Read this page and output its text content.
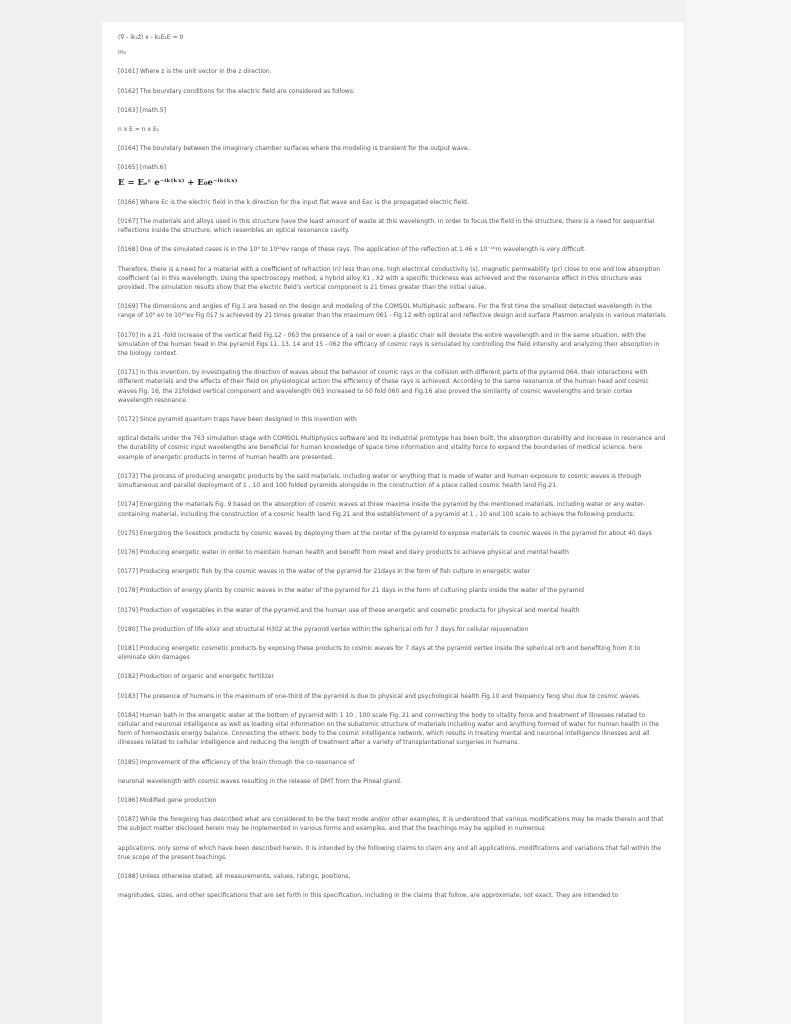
(∇ - ik₂ẑ) x - k₂E₂E = 0

m₀

[0161] Where z is the unit vector in the z direction.

[0162] The boundary conditions for the electric field are considered as follows:

[0163] [math.5]

n x E = n x E₀

[0164] The boundary between the imaginary chamber surfaces where the modeling is transient for the output wave.

[0165] [math.6]

E = Eₑᶜ e⁻ⁱᵏ⁽ᵏˣ⁾ + E₀e⁻ⁱᵏ⁽ᵏˣ⁾

[0166] Where Ec is the electric field in the k direction for the input flat wave and Eec is the propagated electric field.

[0167] The materials and alloys used in this structure have the least amount of waste at this wavelength. In order to focus the field in the structure, there is a need for sequential reflections inside the structure, which resembles an optical resonance cavity.

[0168] One of the simulated cases is in the 10⁹ to 10²⁴ev range of these rays. The application of the reflection at 1.46 x 10⁻¹⁶m wavelength is very difficult.

Therefore, there is a need for a material with a coefficient of refraction (n) less than one, high electrical conductivity (s), magnetic permeability (pr) close to one and low absorption coefficient (a) in this wavelength. Using the spectroscopy method, a hybrid alloy X1 , X2 with a specific thickness was achieved and the resonance effect in this structure was provided. The simulation results show that the electric field's vertical component is 21 times greater than the initial value.

[0169] The dimensions and angles of Fig.1 are based on the design and modeling of the COMSOL Multiphasic software. For the first time the smallest detected wavelength in the range of 10⁹ ev to 10²⁰ev Fig 017 is achieved by 21 times greater than the maximum 061 - Fig 12 with optical and reflective design and surface Plasmon analysis in various materials.

[0170] In a 21 -fold increase of the vertical field Fig.12 - 063 the presence of a nail or even a plastic chair will deviate the entire wavelength and in the same situation, with the simulation of the human head in the pyramid Figs 11, 13, 14 and 15 - 062 the efficacy of cosmic rays is simulated by controlling the field intensity and analyzing their absorption in the biology context.

[0171] In this invention, by investigating the direction of waves about the behavior of cosmic rays in the collision with different parts of the pyramid 064, their interactions with different materials and the effects of their field on physiological action the efficiency of these rays is achieved. According to the same resonance of the human head and cosmic waves Fig. 16, the 21folded vertical component and wavelength 063 increased to 50 fold 060 and Fig.16 also proved the similarity of cosmic wavelengths and brain cortex wavelength resonance.

[0172] Since pyramid quantum traps have been designed in this invention with

optical details under the 763 simulation stage with COMSOL Multiphysics software and its industrial prototype has been built, the absorption durability and increase in resonance and the durability of cosmic input wavelengths are beneficial for human knowledge of space time information and vitality force to expand the boundaries of medical science. here example of energetic products in terms of human health are presented.

[0173] The process of producing energetic products by the said materials, including water or anything that is made of water and human exposure to cosmic waves is through simultaneous and parallel deployment of 1 , 10 and 100 folded pyramids alongside in the construction of a place called cosmic health land Fig.21.

[0174] Energizing the materials Fig. 9 based on the absorption of cosmic waves at three maxima inside the pyramid by the mentioned materials, including water or any water-containing material, including the construction of a cosmic health land Fig.21 and the establishment of a pyramid at 1 , 10 and 100 scale to achieve the following products;

[0175] Energizing the livestock products by cosmic waves by deploying them at the center of the pyramid to expose materials to cosmic waves in the pyramid for about 40 days

[0176] Producing energetic water in order to maintain human health and benefit from meat and dairy products to achieve physical and mental health

[0177] Producing energetic fish by the cosmic waves in the water of the pyramid for 21days in the form of fish culture in energetic water

[0178] Production of energy plants by cosmic waves in the water of the pyramid for 21 days in the form of culturing plants inside the water of the pyramid

[0179] Production of vegetables in the water of the pyramid and the human use of these energetic and cosmetic products for physical and mental health

[0180] The production of life elixir and structural H302 at the pyramid vertex within the spherical orb for 7 days for cellular rejuvenation

[0181] Producing energetic cosmetic products by exposing these products to cosmic waves for 7 days at the pyramid vertex inside the spherical orb and benefiting from it to eliminate skin damages

[0182] Production of organic and energetic fertilizer

[0183] The presence of humans in the maximum of one-third of the pyramid is due to physical and psychological health Fig.10 and frequency feng shui due to cosmic waves.

[0184] Human bath in the energetic water at the bottom of pyramid with 1 10 , 100 scale Fig. 21 and connecting the body to vitality force and treatment of illnesses related to cellular and neuronal intelligence as well as loading vital information on the subatomic structure of materials including water and anything formed of water for human health in the form of homeostasis energy balance. Connecting the etheric body to the cosmic intelligence network, which results in treating mental and neuronal intelligence illnesses and all illnesses related to cellular intelligence and reducing the length of treatment after a variety of transplantational surgeries in humans.

[0185] Improvement of the efficiency of the brain through the co-resonance of

neuronal wavelength with cosmic waves resulting in the release of DMT from the Pineal gland.

[0186] Modified gene production

[0187] While the foregoing has described what are considered to be the best mode and/or other examples, it is understood that various modifications may be made therein and that the subject matter disclosed herein may be implemented in various forms and examples, and that the teachings may be applied in numerous

applications, only some of which have been described herein. It is intended by the following claims to claim any and all applications, modifications and variations that fall within the true scope of the present teachings.

[0188] Unless otherwise stated, all measurements, values, ratings, positions,

magnitudes, sizes, and other specifications that are set forth in this specification, including in the claims that follow, are approximate, not exact. They are intended to
